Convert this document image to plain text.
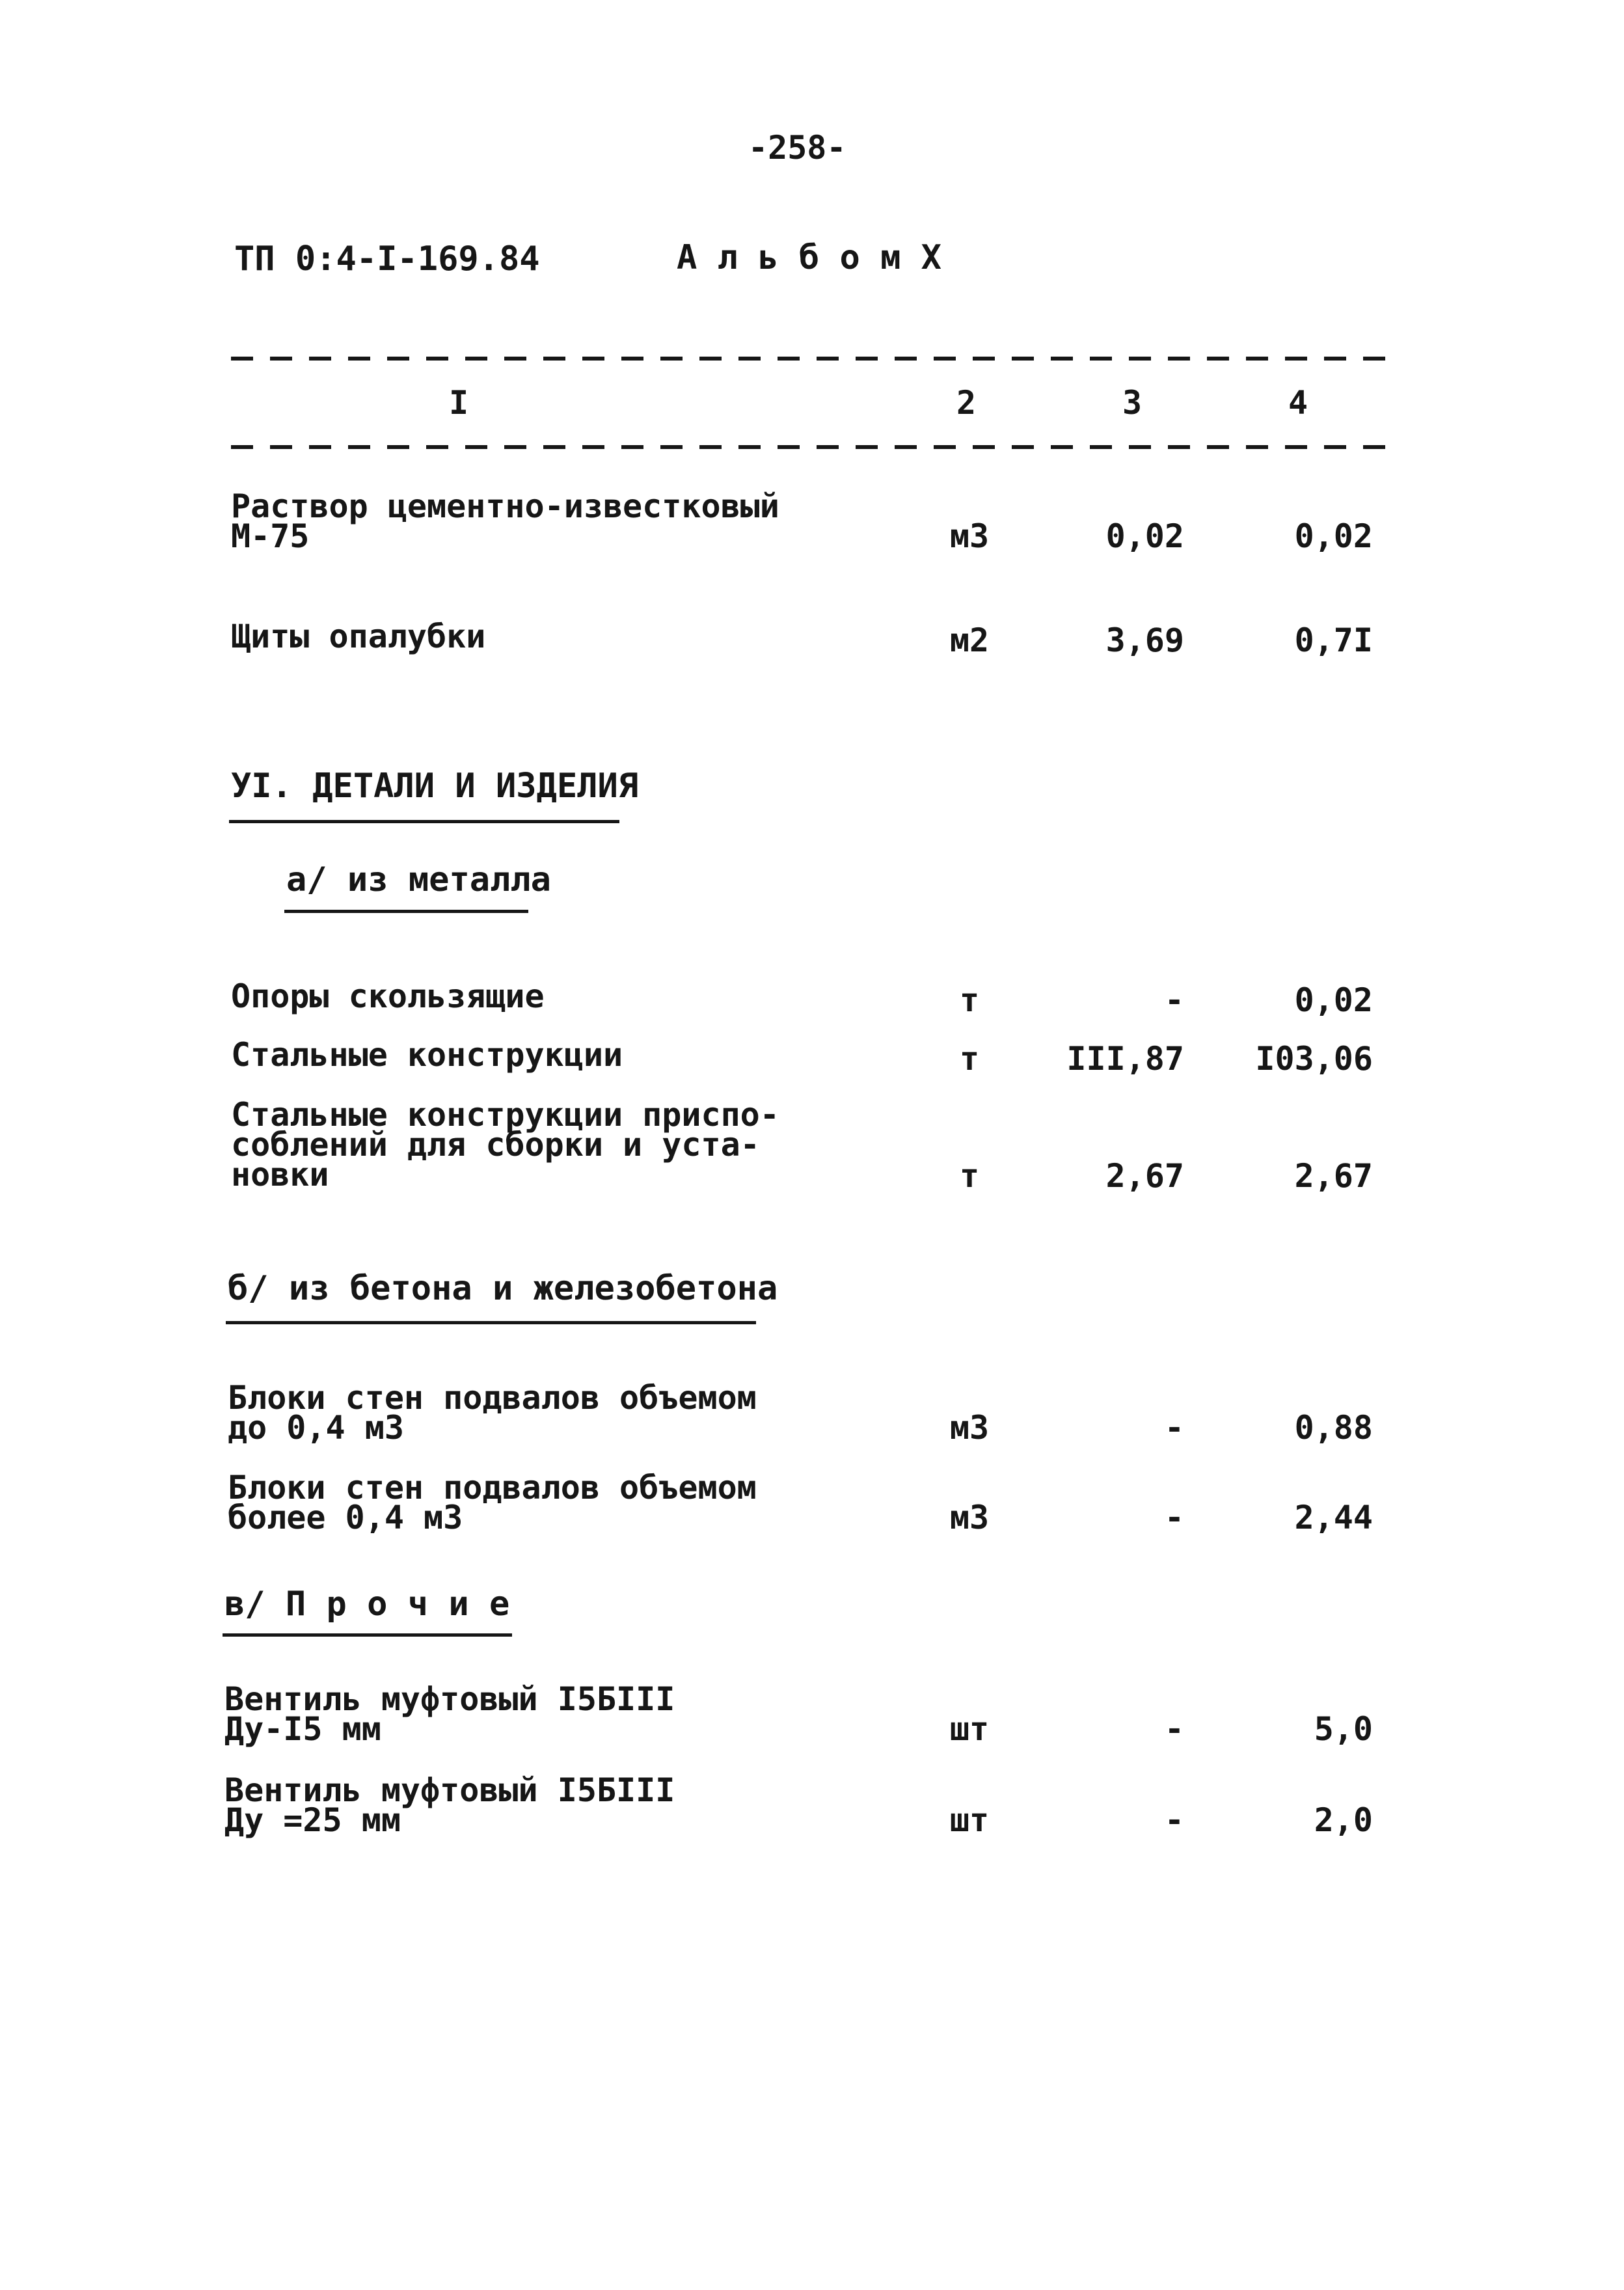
-258-
ТП 0:4-I-169.84	А л ь б о м Х
I	2	3	4
Раствор цементно-известковый
М-75	м3	0,02	0,02
Щиты опалубки	м2	3,69	0,7I
УI. ДЕТАЛИ И ИЗДЕЛИЯ
а/ из металла
Опоры скользящие	т	-	0,02
Стальные конструкции	т	III,87	I03,06
Стальные конструкции приспо-
соблений для сборки и уста-
новки	т	2,67	2,67
б/ из бетона и железобетона
Блоки стен подвалов объемом
до 0,4 м3	м3	-	0,88
Блоки стен подвалов объемом
более 0,4 м3	м3	-	2,44
в/ П р о ч и е
Вентиль муфтовый I5БIII
Ду-I5 мм	шт	-	5,0
Вентиль муфтовый I5БIII
Ду =25 мм	шт	-	2,0
